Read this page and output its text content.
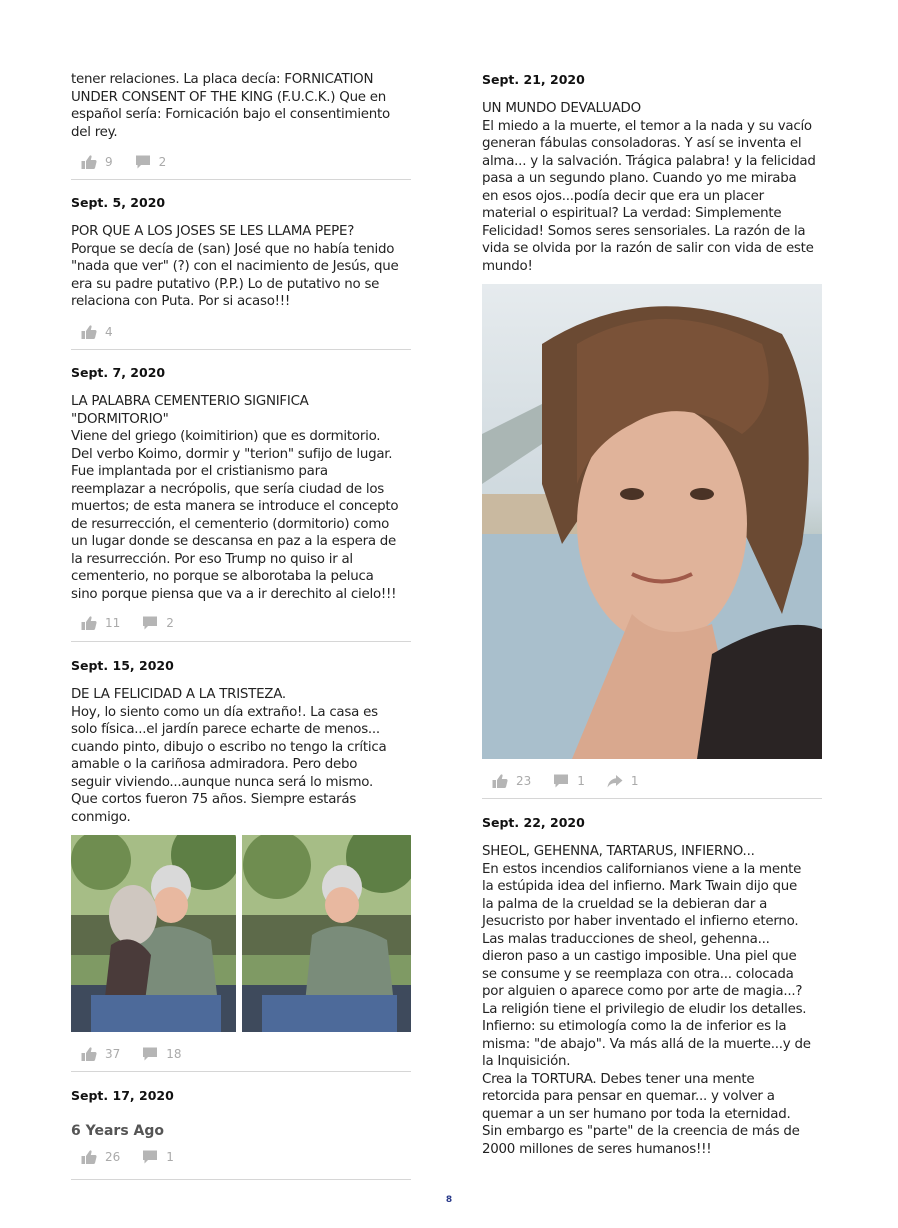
tener relaciones. La placa decía: FORNICATION
UNDER CONSENT OF THE KING (F.U.C.K.) Que en
español sería: Fornicación bajo el consentimiento
del rey.

9	2

Sept. 5, 2020

POR QUE A LOS JOSES SE LES LLAMA PEPE?
Porque se decía de (san) José que no había tenido
"nada que ver" (?) con el nacimiento de Jesús, que
era su padre putativo (P.P.) Lo de putativo no se
relaciona con Puta. Por si acaso!!!

4

Sept. 7, 2020

LA PALABRA CEMENTERIO SIGNIFICA
"DORMITORIO"
Viene del griego (koimitirion) que es dormitorio.
Del verbo Koimo, dormir y "terion" sufijo de lugar.
Fue implantada por el cristianismo para
reemplazar a necrópolis, que sería ciudad de los
muertos; de esta manera se introduce el concepto
de resurrección, el cementerio (dormitorio) como
un lugar donde se descansa en paz a la espera de
la resurrección. Por eso Trump no quiso ir al
cementerio, no porque se alborotaba la peluca
sino porque piensa que va a ir derechito al cielo!!!

11	2

Sept. 15, 2020

DE LA FELICIDAD A LA TRISTEZA.
Hoy, lo siento como un día extraño!. La casa es
solo física...el jardín parece echarte de menos...
cuando pinto, dibujo o escribo no tengo la crítica
amable o la cariñosa admiradora. Pero debo
seguir viviendo...aunque nunca será lo mismo.
Que cortos fueron 75 años. Siempre estarás
conmigo.

37	18

Sept. 17, 2020

6 Years Ago

26	1

Sept. 21, 2020

UN MUNDO DEVALUADO
El miedo a la muerte, el temor a la nada y su vacío
generan fábulas consoladoras. Y así se inventa el
alma... y la salvación. Trágica palabra! y la felicidad
pasa a un segundo plano. Cuando yo me miraba
en esos ojos...podía decir que era un placer
material o espiritual? La verdad: Simplemente
Felicidad! Somos seres sensoriales. La razón de la
vida se olvida por la razón de salir con vida de este
mundo!

23	1	1

Sept. 22, 2020

SHEOL, GEHENNA, TARTARUS, INFIERNO...
En estos incendios californianos viene a la mente
la estúpida idea del infierno. Mark Twain dijo que
la palma de la crueldad se la debieran dar a
Jesucristo por haber inventado el infierno eterno.
Las malas traducciones de sheol, gehenna...
dieron paso a un castigo imposible. Una piel que
se consume y se reemplaza con otra... colocada
por alguien o aparece como por arte de magia...?
La religión tiene el privilegio de eludir los detalles.
Infierno: su etimología como la de inferior es la
misma: "de abajo". Va más allá de la muerte...y de
la Inquisición.
Crea la TORTURA. Debes tener una mente
retorcida para pensar en quemar... y volver a
quemar a un ser humano por toda la eternidad.
Sin embargo es "parte" de la creencia de más de
2000 millones de seres humanos!!!

8
